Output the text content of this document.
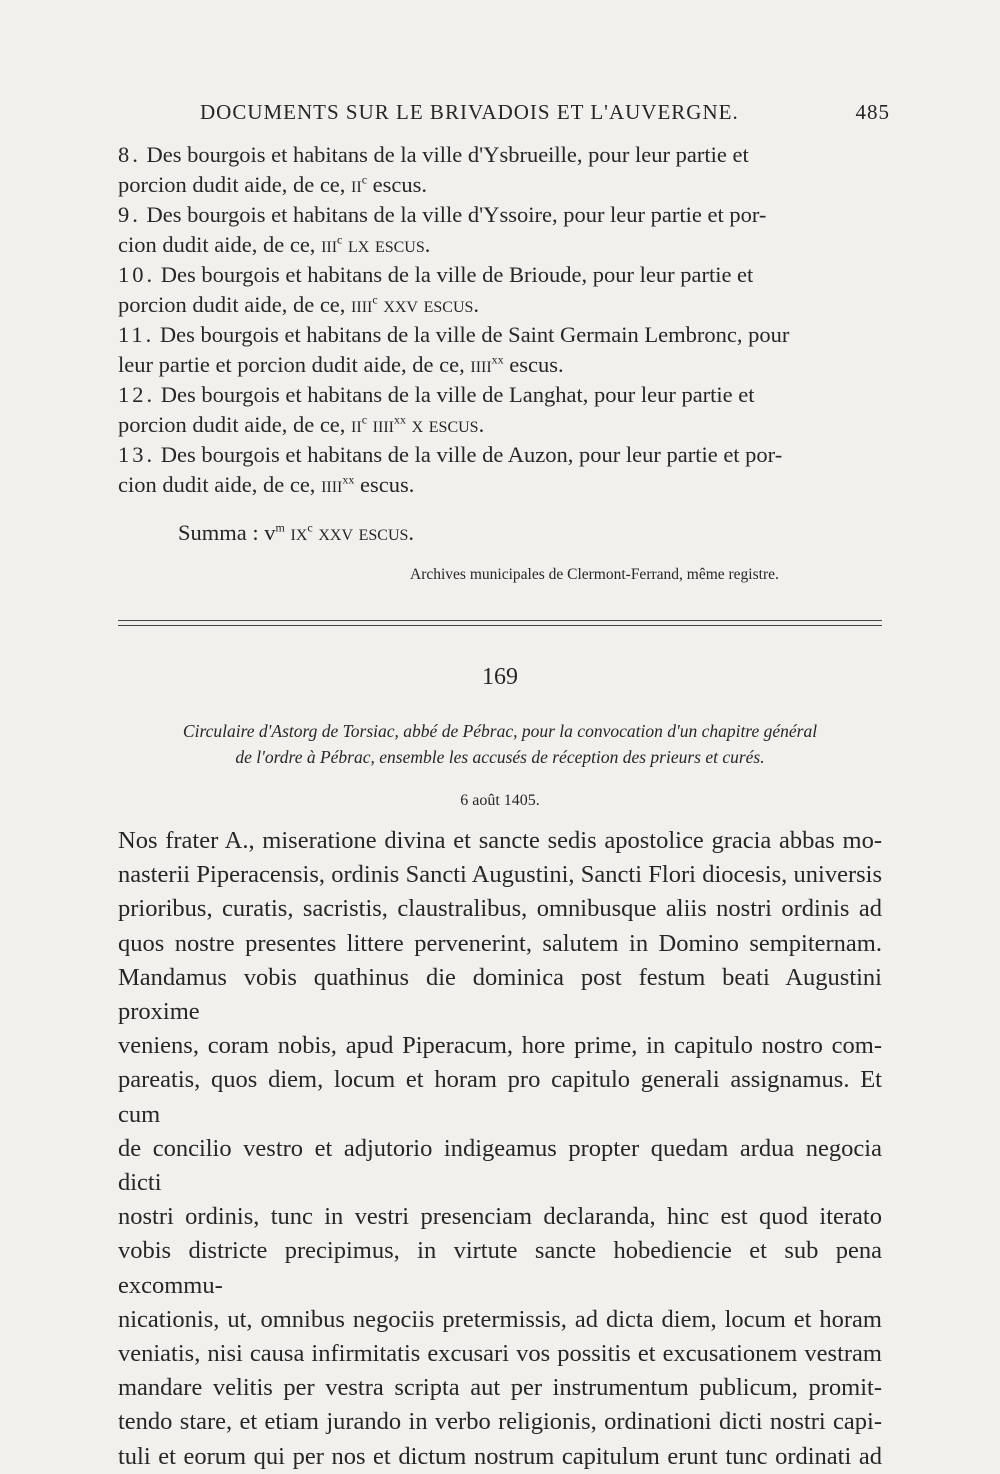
DOCUMENTS SUR LE BRIVADOIS ET L'AUVERGNE.	485

8. Des bourgois et habitans de la ville d'Ysbrueille, pour leur partie et
porcion dudit aide, de ce, $ii^c$ escus.

9. Des bourgois et habitans de la ville d'Yssoire, pour leur partie et por-
cion dudit aide, de ce, iii$^c$ lx escus.

10. Des bourgois et habitans de la ville de Brioude, pour leur partie et
porcion dudit aide, de ce, iiii$^c$ xxv escus.

11. Des bourgois et habitans de la ville de Saint Germain Lembronc, pour
leur partie et porcion dudit aide, de ce, iiii$^{xx}$ escus.

12. Des bourgois et habitans de la ville de Langhat, pour leur partie et
porcion dudit aide, de ce, $ii^c$ iiii$^{xx}$ x escus.

13. Des bourgois et habitans de la ville de Auzon, pour leur partie et por-
cion dudit aide, de ce, iiii$^{xx}$ escus.

Summa : $v^m$ $ix^c$ xxv escus.
Archives municipales de Clermont-Ferrand, même registre.
169
Circulaire d'Astorg de Torsiac, abbé de Pébrac, pour la convocation d'un chapitre général
de l'ordre à Pébrac, ensemble les accusés de réception des prieurs et curés.
6 août 1405.
Nos frater A., miseratione divina et sancte sedis apostolice gracia abbas mo-
nasterii Piperacensis, ordinis Sancti Augustini, Sancti Flori diocesis, universis
prioribus, curatis, sacristis, claustralibus, omnibusque aliis nostri ordinis ad
quos nostre presentes littere pervenerint, salutem in Domino sempiternam.
Mandamus vobis quathinus die dominica post festum beati Augustini proxime
veniens, coram nobis, apud Piperacum, hore prime, in capitulo nostro com-
pareatis, quos diem, locum et horam pro capitulo generali assignamus. Et cum
de concilio vestro et adjutorio indigeamus propter quedam ardua negocia dicti
nostri ordinis, tunc in vestri presenciam declaranda, hinc est quod iterato
vobis districte precipimus, in virtute sancte hobediencie et sub pena excommu-
nicationis, ut, omnibus negociis pretermissis, ad dicta diem, locum et horam
veniatis, nisi causa infirmitatis excusari vos possitis et excusationem vestram
mandare velitis per vestra scripta aut per instrumentum publicum, promit-
tendo stare, et etiam jurando in verbo religionis, ordinationi dicti nostri capi-
tuli et eorum qui per nos et dictum nostrum capitulum erunt tunc ordinati ad
